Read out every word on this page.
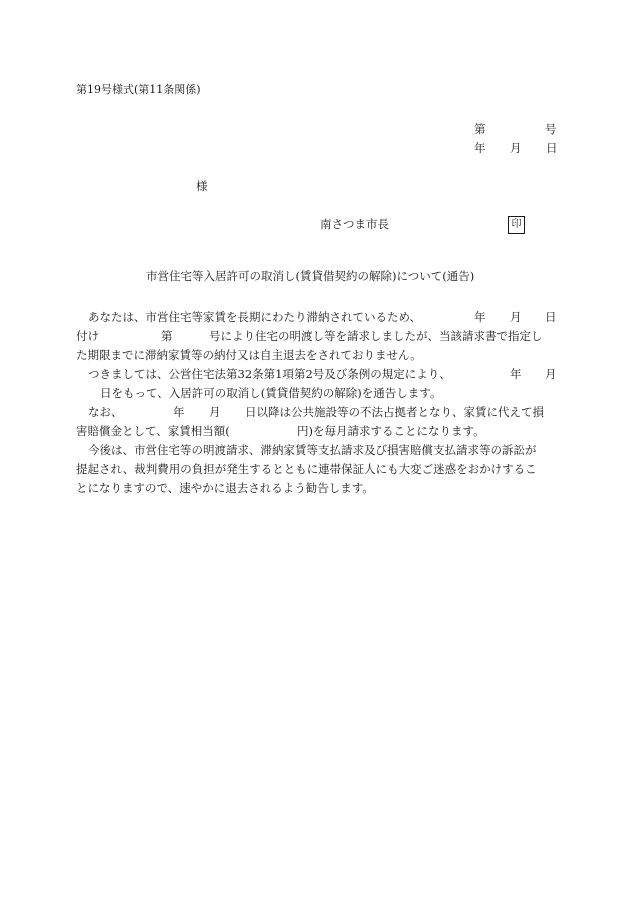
第19号様式(第11条関係)
第	号
年 月 日
様
南さつま市長	印
市営住宅等入居許可の取消し(賃貸借契約の解除)について(通告)
あなたは、市営住宅等家賃を長期にわたり滞納されているため、	年 月 日
付け	第	号により住宅の明渡し等を請求しましたが、当該請求書で指定し
た期限までに滞納家賃等の納付又は自主退去をされておりません。
つきましては、公営住宅法第32条第1項第2号及び条例の規定により、	年 月
日をもって、入居許可の取消し(賃貸借契約の解除)を通告します。
なお、	年 月 日以降は公共施設等の不法占拠者となり、家賃に代えて損
害賠償金として、家賃相当額(	円)を毎月請求することになります。
今後は、市営住宅等の明渡請求、滞納家賃等支払請求及び損害賠償支払請求等の訴訟が
提起され、裁判費用の負担が発生するとともに連帯保証人にも大変ご迷惑をおかけするこ
とになりますので、速やかに退去されるよう勧告します。
